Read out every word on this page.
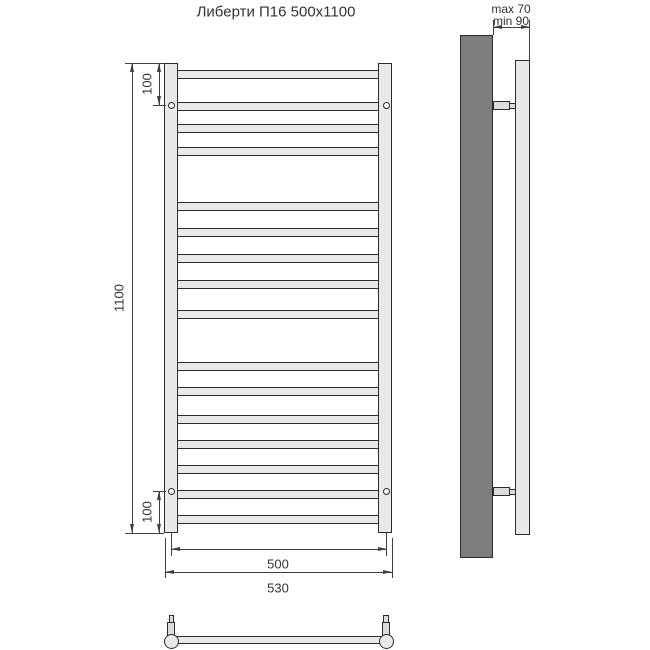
Либерти П16 500x1100
1100
100
100
500
530
max 70
min 90
